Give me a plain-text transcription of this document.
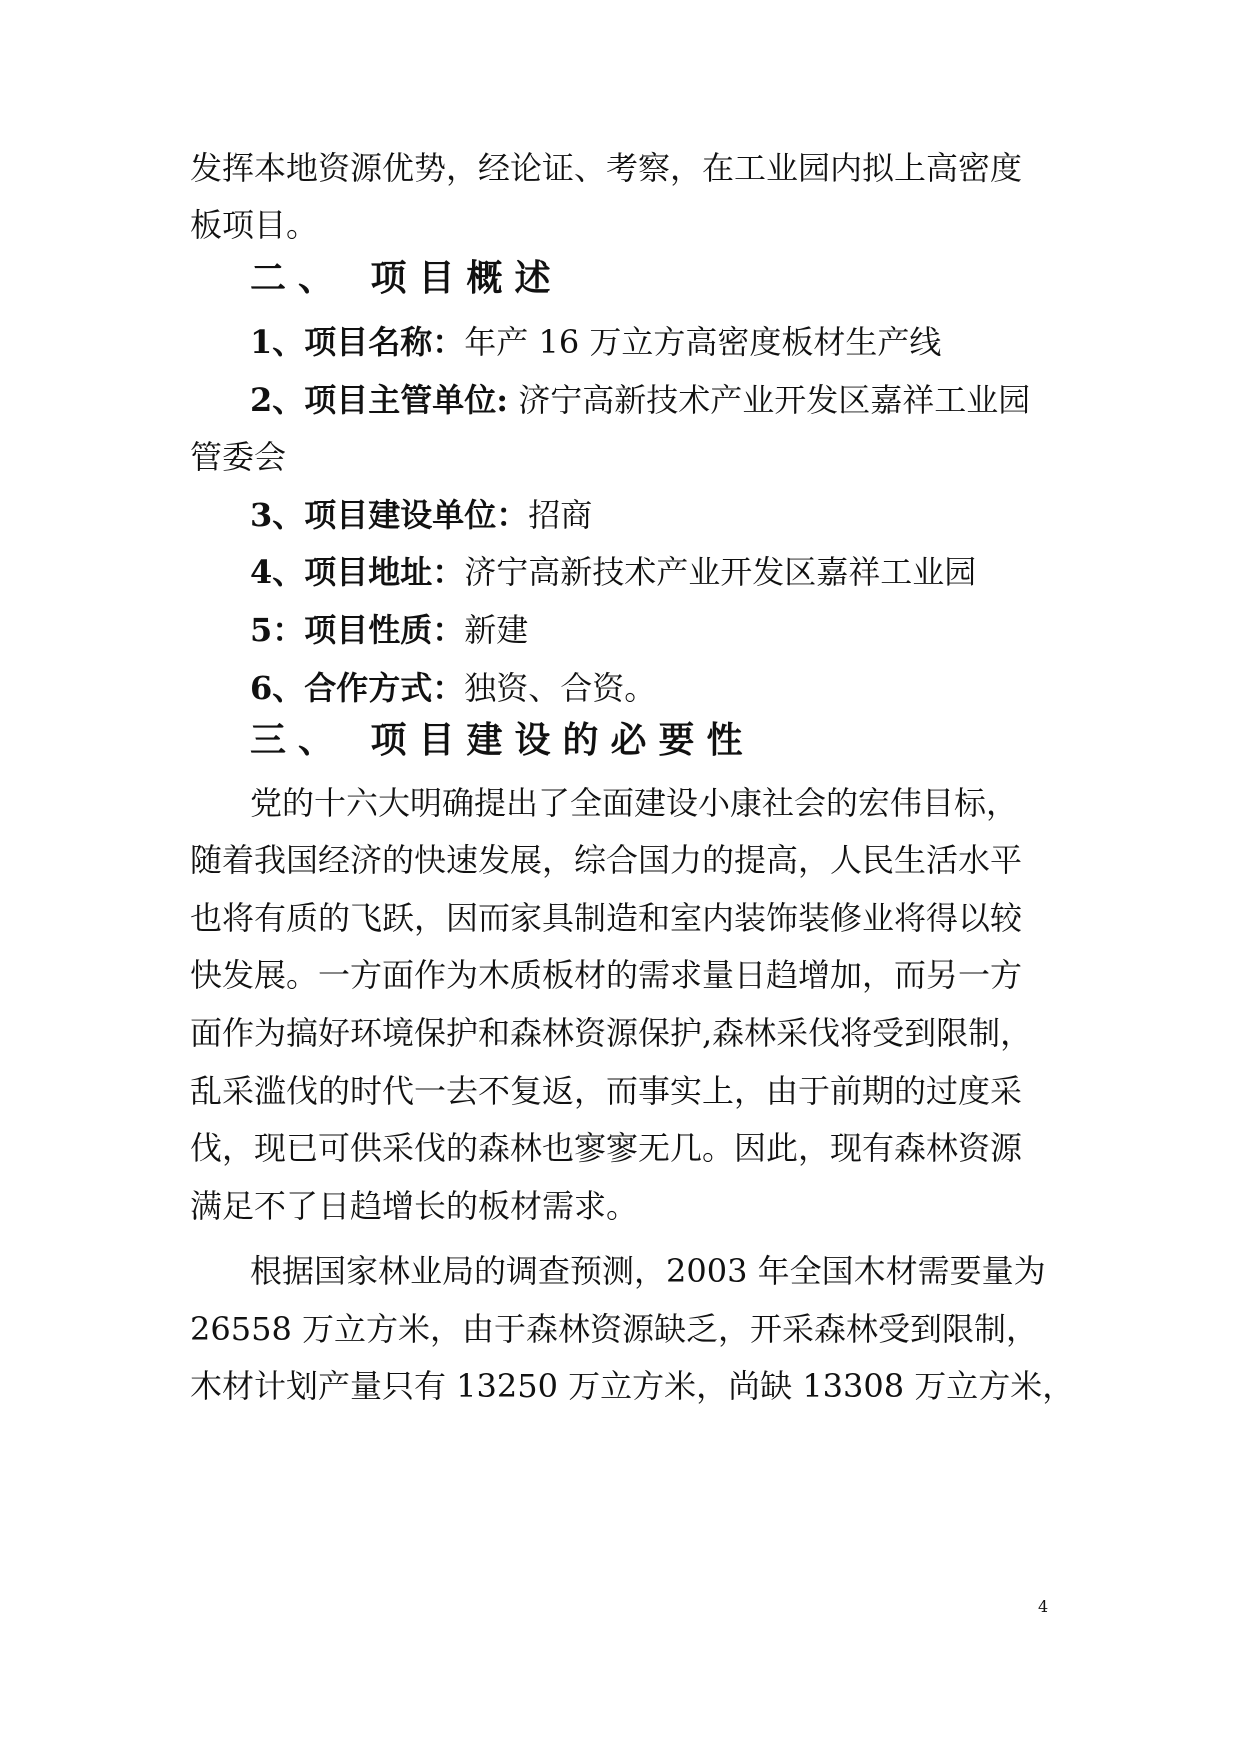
发挥本地资源优势，经论证、考察，在工业园内拟上高密度
板项目。
二、 项目概述
1、项目名称：年产 16 万立方高密度板材生产线
2、项目主管单位: 济宁高新技术产业开发区嘉祥工业园
管委会
3、项目建设单位：招商
4、项目地址：济宁高新技术产业开发区嘉祥工业园
5：项目性质：新建
6、合作方式：独资、合资。
三、 项目建设的必要性
党的十六大明确提出了全面建设小康社会的宏伟目标，
随着我国经济的快速发展，综合国力的提高，人民生活水平
也将有质的飞跃，因而家具制造和室内装饰装修业将得以较
快发展。一方面作为木质板材的需求量日趋增加，而另一方
面作为搞好环境保护和森林资源保护,森林采伐将受到限制，
乱采滥伐的时代一去不复返，而事实上，由于前期的过度采
伐，现已可供采伐的森林也寥寥无几。因此，现有森林资源
满足不了日趋增长的板材需求。
根据国家林业局的调查预测，2003 年全国木材需要量为
26558 万立方米，由于森林资源缺乏，开采森林受到限制，
木材计划产量只有 13250 万立方米，尚缺 13308 万立方米，
4
